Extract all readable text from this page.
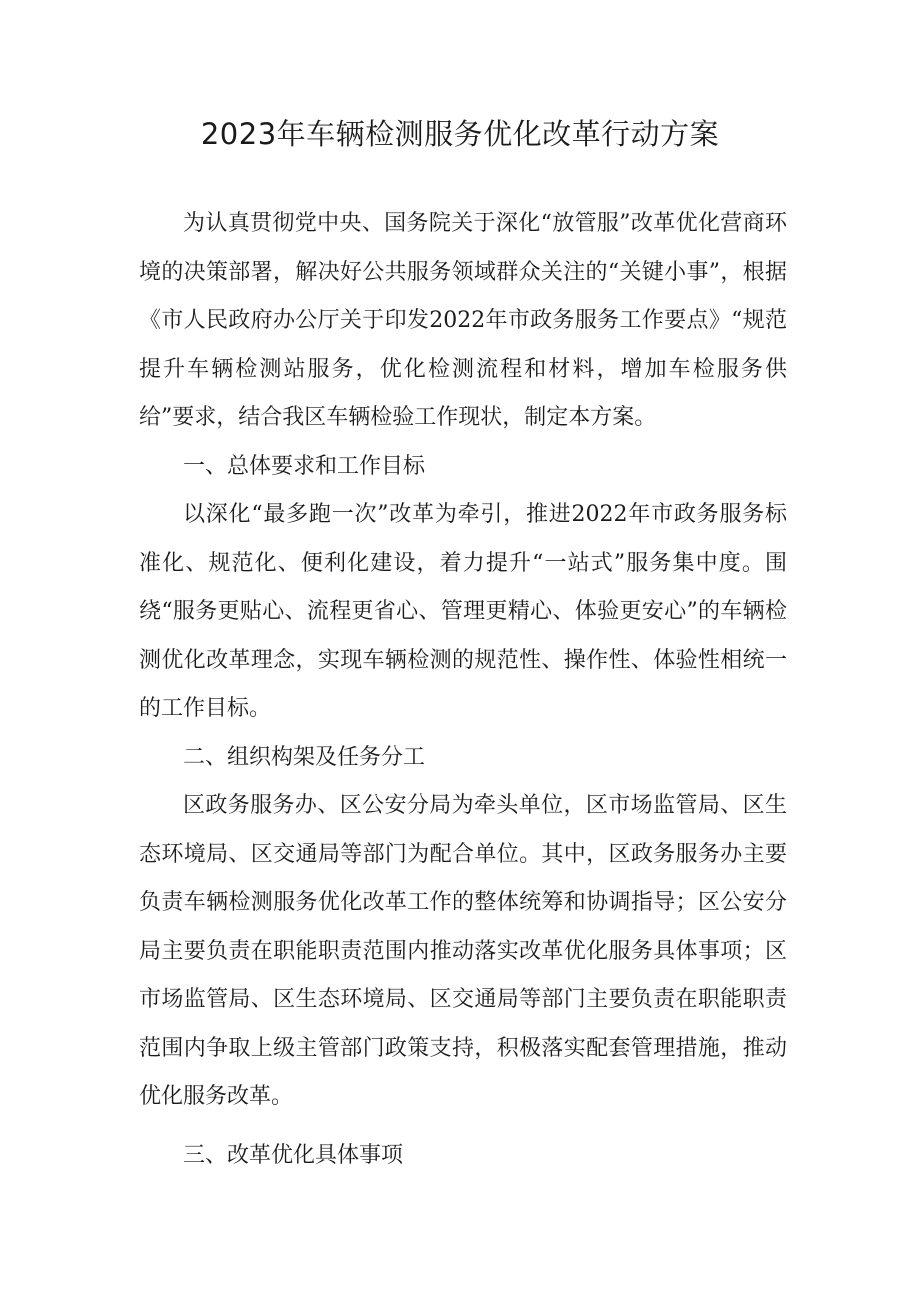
2023年车辆检测服务优化改革行动方案

为认真贯彻党中央、国务院关于深化“放管服”改革优化营商环境的决策部署，解决好公共服务领域群众关注的“关键小事”，根据《市人民政府办公厅关于印发2022年市政务服务工作要点》“规范提升车辆检测站服务，优化检测流程和材料，增加车检服务供给”要求，结合我区车辆检验工作现状，制定本方案。

一、总体要求和工作目标

以深化“最多跑一次”改革为牵引，推进2022年市政务服务标准化、规范化、便利化建设，着力提升“一站式”服务集中度。围绕“服务更贴心、流程更省心、管理更精心、体验更安心”的车辆检测优化改革理念，实现车辆检测的规范性、操作性、体验性相统一的工作目标。

二、组织构架及任务分工

区政务服务办、区公安分局为牵头单位，区市场监管局、区生态环境局、区交通局等部门为配合单位。其中，区政务服务办主要负责车辆检测服务优化改革工作的整体统筹和协调指导；区公安分局主要负责在职能职责范围内推动落实改革优化服务具体事项；区市场监管局、区生态环境局、区交通局等部门主要负责在职能职责范围内争取上级主管部门政策支持，积极落实配套管理措施，推动优化服务改革。

三、改革优化具体事项
